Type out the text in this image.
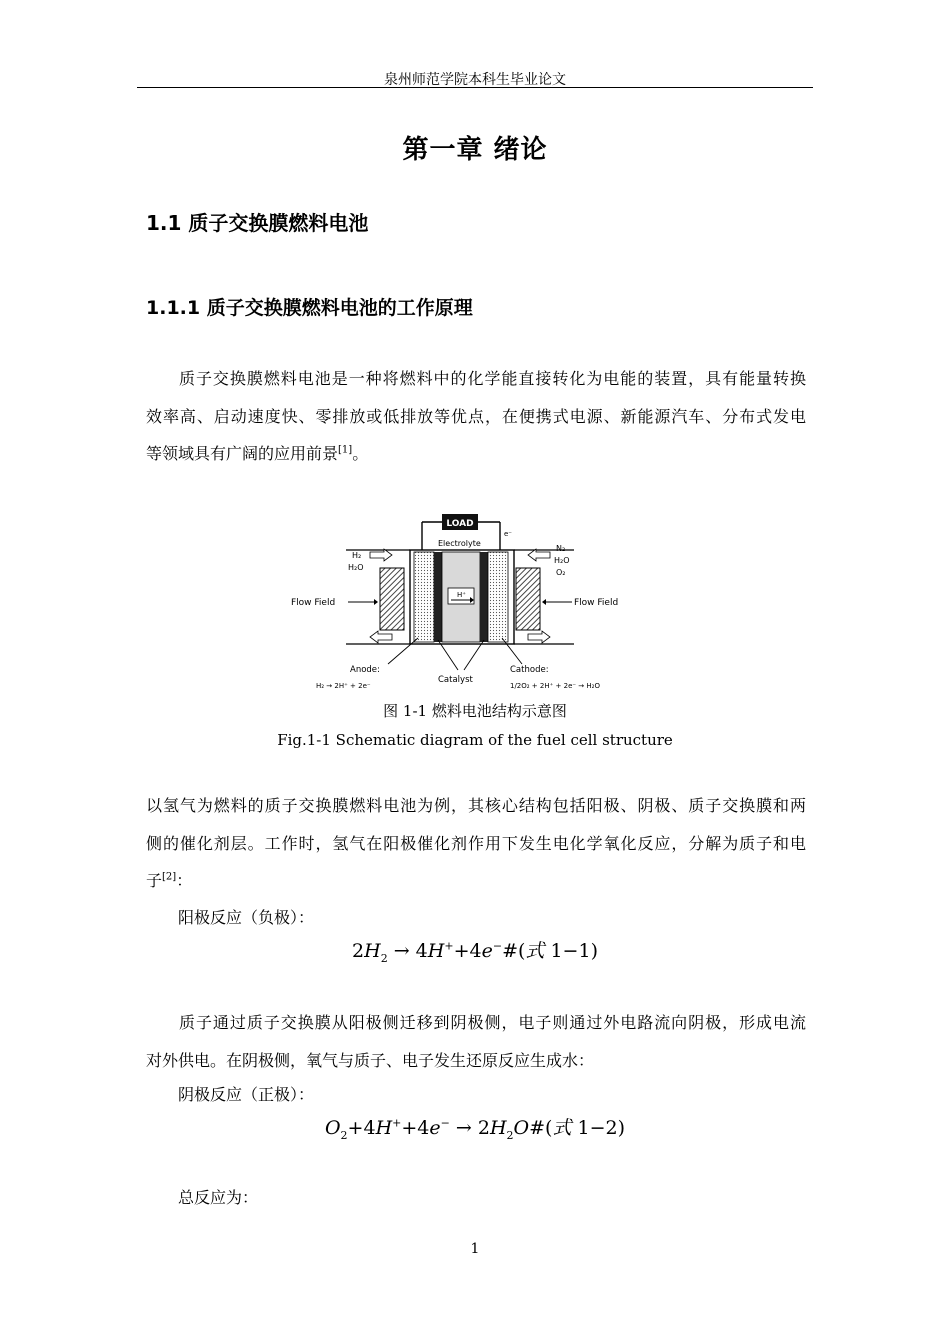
泉州师范学院本科生毕业论文
第一章 绪论
1.1 质子交换膜燃料电池
1.1.1 质子交换膜燃料电池的工作原理
质子交换膜燃料电池是一种将燃料中的化学能直接转化为电能的装置，具有能量转换
效率高、启动速度快、零排放或低排放等优点，在便携式电源、新能源汽车、分布式发电
等领域具有广阔的应用前景[1]。
LOAD
e⁻
Electrolyte
H⁺
H₂
H₂O
N₂
H₂O
O₂
Flow Field	Flow Field
Anode:
H₂ → 2H⁺ + 2e⁻
Catalyst
Cathode:
1/2O₂ + 2H⁺ + 2e⁻ → H₂O
图 1-1 燃料电池结构示意图
Fig.1-1 Schematic diagram of the fuel cell structure
以氢气为燃料的质子交换膜燃料电池为例，其核心结构包括阳极、阴极、质子交换膜和两
侧的催化剂层。工作时，氢气在阳极催化剂作用下发生电化学氧化反应，分解为质子和电
子[2]：
阳极反应（负极）：
$2H_2$ → 4H++4e−#(式 1−1)
质子通过质子交换膜从阳极侧迁移到阴极侧，电子则通过外电路流向阴极，形成电流
对外供电。在阴极侧，氧气与质子、电子发生还原反应生成水：
阴极反应（正极）：
$O_2+4H^++4e^-$ → $2H_2O\#$(式 1−2)
总反应为：
1
